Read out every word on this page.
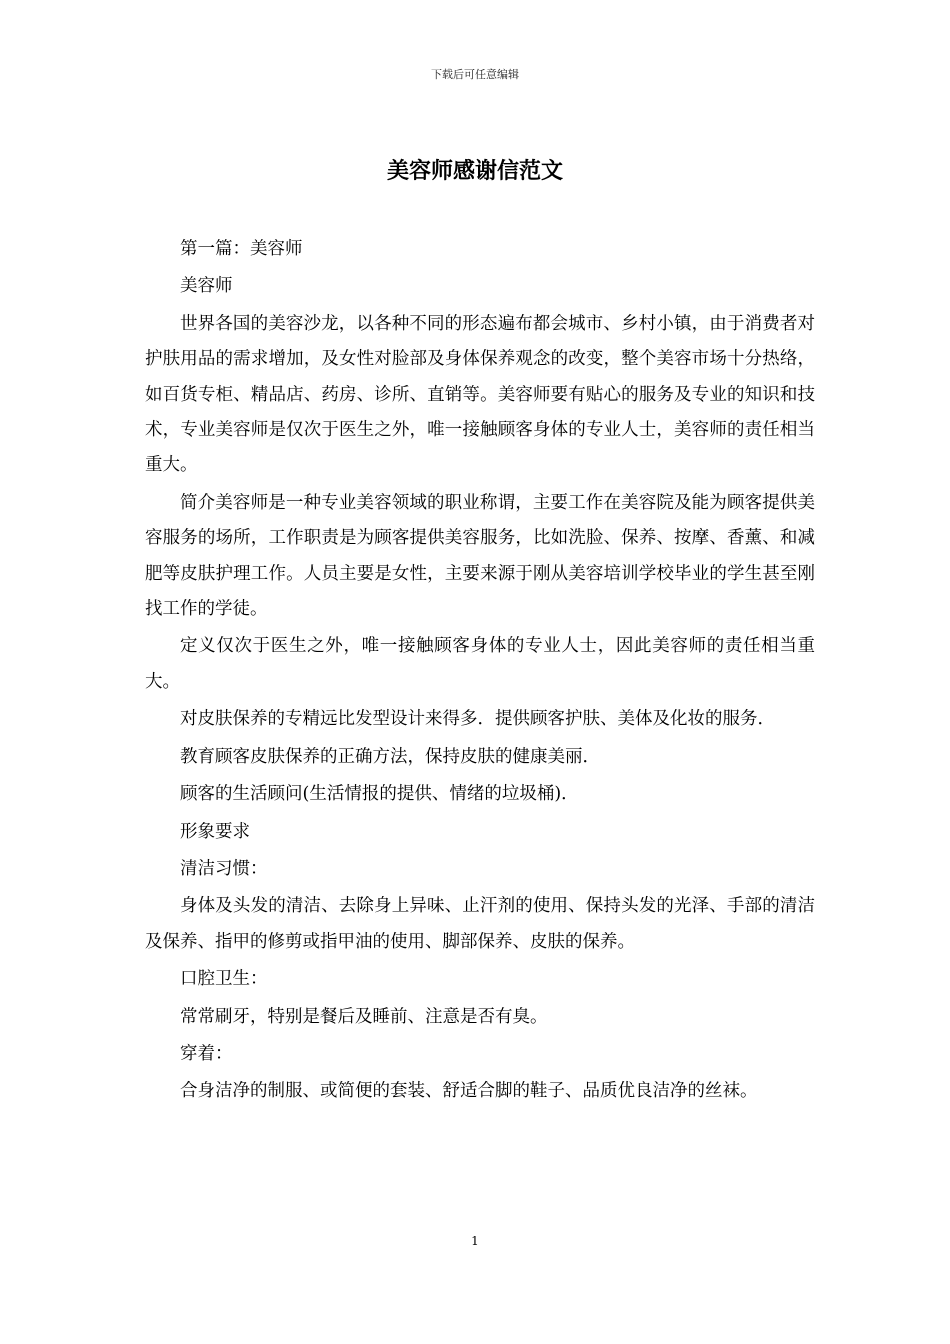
下载后可任意编辑
美容师感谢信范文

第一篇：美容师

美容师

世界各国的美容沙龙，以各种不同的形态遍布都会城市、乡村小镇，由于消费者对护肤用品的需求增加，及女性对脸部及身体保养观念的改变，整个美容市场十分热络，如百货专柜、精品店、药房、诊所、直销等。美容师要有贴心的服务及专业的知识和技术，专业美容师是仅次于医生之外，唯一接触顾客身体的专业人士，美容师的责任相当重大。

简介美容师是一种专业美容领域的职业称谓，主要工作在美容院及能为顾客提供美容服务的场所，工作职责是为顾客提供美容服务，比如洗脸、保养、按摩、香薰、和减肥等皮肤护理工作。人员主要是女性，主要来源于刚从美容培训学校毕业的学生甚至刚找工作的学徒。

定义仅次于医生之外，唯一接触顾客身体的专业人士，因此美容师的责任相当重大。

对皮肤保养的专精远比发型设计来得多．提供顾客护肤、美体及化妆的服务．

教育顾客皮肤保养的正确方法，保持皮肤的健康美丽．

顾客的生活顾问(生活情报的提供、情绪的垃圾桶)．

形象要求

清洁习惯：

身体及头发的清洁、去除身上异味、止汗剂的使用、保持头发的光泽、手部的清洁及保养、指甲的修剪或指甲油的使用、脚部保养、皮肤的保养。

口腔卫生：

常常刷牙，特别是餐后及睡前、注意是否有臭。

穿着：

合身洁净的制服、或简便的套装、舒适合脚的鞋子、品质优良洁净的丝袜。

1
